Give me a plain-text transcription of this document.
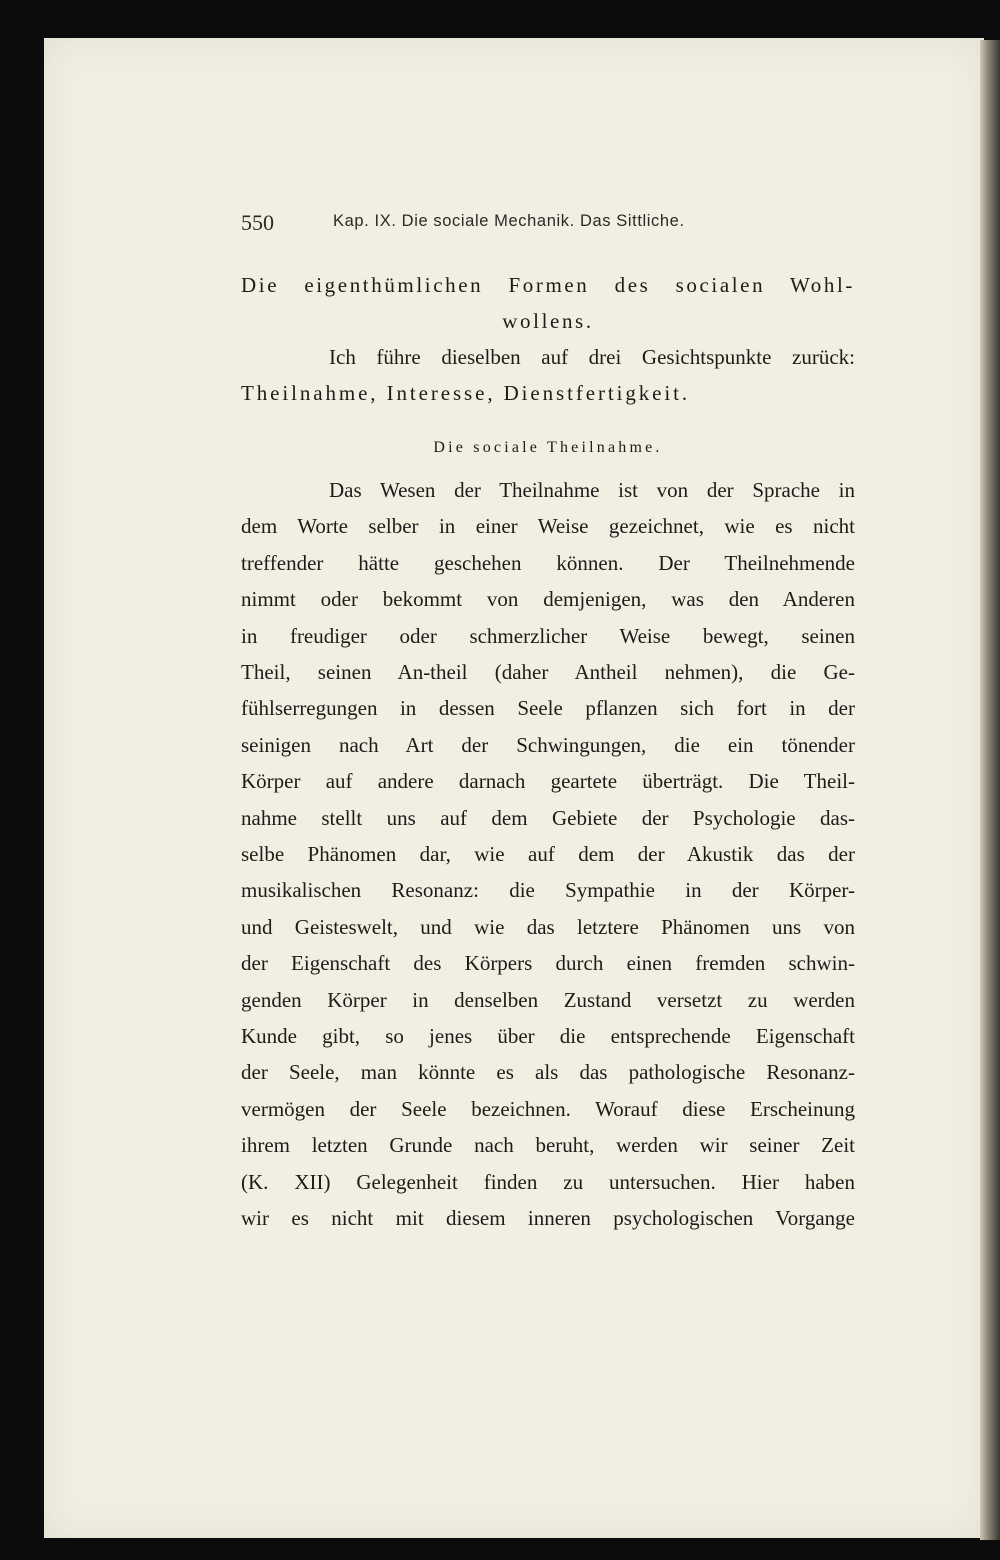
550	Kap. IX. Die sociale Mechanik. Das Sittliche.
Die eigenthümlichen Formen des socialen Wohl-
wollens.
Ich führe dieselben auf drei Gesichtspunkte zurück:
Theilnahme, Interesse, Dienstfertigkeit.
Die sociale Theilnahme.
Das Wesen der Theilnahme ist von der Sprache in
dem Worte selber in einer Weise gezeichnet, wie es nicht
treffender hätte geschehen können. Der Theilnehmende
nimmt oder bekommt von demjenigen, was den Anderen
in freudiger oder schmerzlicher Weise bewegt, seinen
Theil, seinen An-theil (daher Antheil nehmen), die Ge-
fühlserregungen in dessen Seele pflanzen sich fort in der
seinigen nach Art der Schwingungen, die ein tönender
Körper auf andere darnach geartete überträgt. Die Theil-
nahme stellt uns auf dem Gebiete der Psychologie das-
selbe Phänomen dar, wie auf dem der Akustik das der
musikalischen Resonanz: die Sympathie in der Körper-
und Geisteswelt, und wie das letztere Phänomen uns von
der Eigenschaft des Körpers durch einen fremden schwin-
genden Körper in denselben Zustand versetzt zu werden
Kunde gibt, so jenes über die entsprechende Eigenschaft
der Seele, man könnte es als das pathologische Resonanz-
vermögen der Seele bezeichnen. Worauf diese Erscheinung
ihrem letzten Grunde nach beruht, werden wir seiner Zeit
(K. XII) Gelegenheit finden zu untersuchen. Hier haben
wir es nicht mit diesem inneren psychologischen Vorgange
